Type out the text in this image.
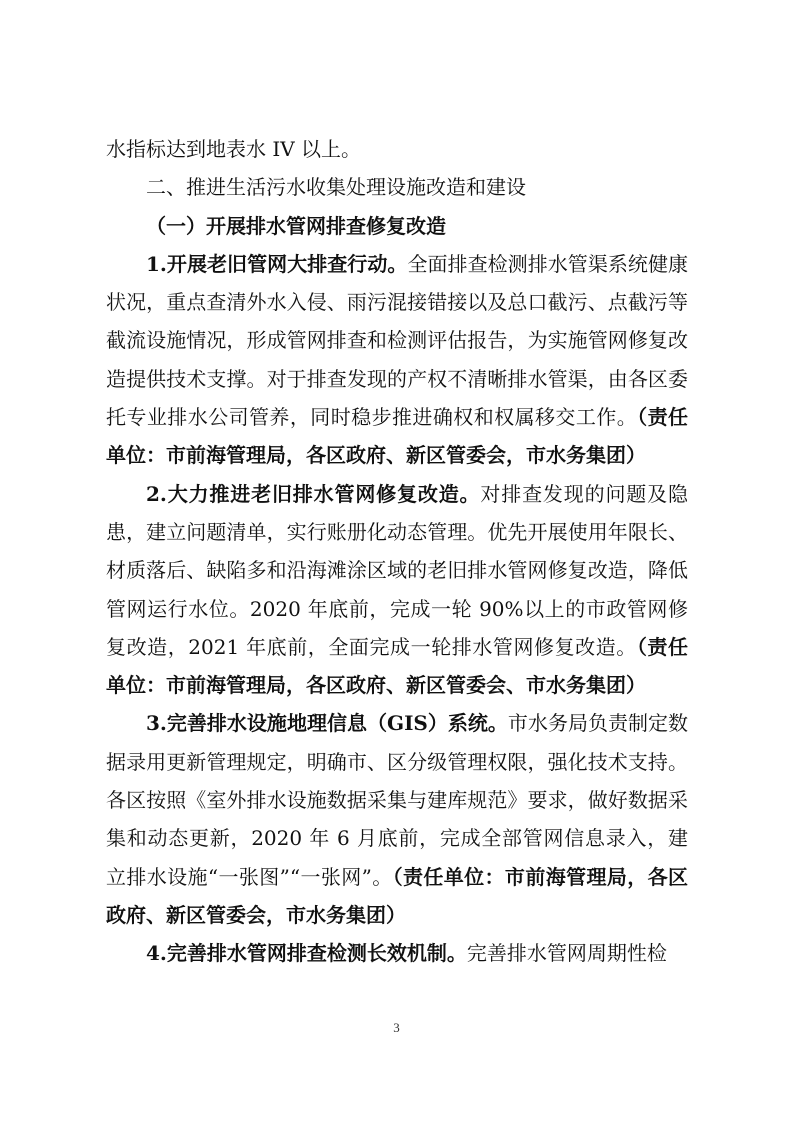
水指标达到地表水 IV 以上。

二、推进生活污水收集处理设施改造和建设

（一）开展排水管网排查修复改造

1.开展老旧管网大排查行动。全面排查检测排水管渠系统健康状况，重点查清外水入侵、雨污混接错接以及总口截污、点截污等截流设施情况，形成管网排查和检测评估报告，为实施管网修复改造提供技术支撑。对于排查发现的产权不清晰排水管渠，由各区委托专业排水公司管养，同时稳步推进确权和权属移交工作。（责任单位：市前海管理局，各区政府、新区管委会，市水务集团）

2.大力推进老旧排水管网修复改造。对排查发现的问题及隐患，建立问题清单，实行账册化动态管理。优先开展使用年限长、材质落后、缺陷多和沿海滩涂区域的老旧排水管网修复改造，降低管网运行水位。2020 年底前，完成一轮 90%以上的市政管网修复改造，2021 年底前，全面完成一轮排水管网修复改造。（责任单位：市前海管理局，各区政府、新区管委会、市水务集团）

3.完善排水设施地理信息（GIS）系统。市水务局负责制定数据录用更新管理规定，明确市、区分级管理权限，强化技术支持。各区按照《室外排水设施数据采集与建库规范》要求，做好数据采集和动态更新，2020 年 6 月底前，完成全部管网信息录入，建立排水设施“一张图”“一张网”。（责任单位：市前海管理局，各区政府、新区管委会，市水务集团）

4.完善排水管网排查检测长效机制。完善排水管网周期性检

3
